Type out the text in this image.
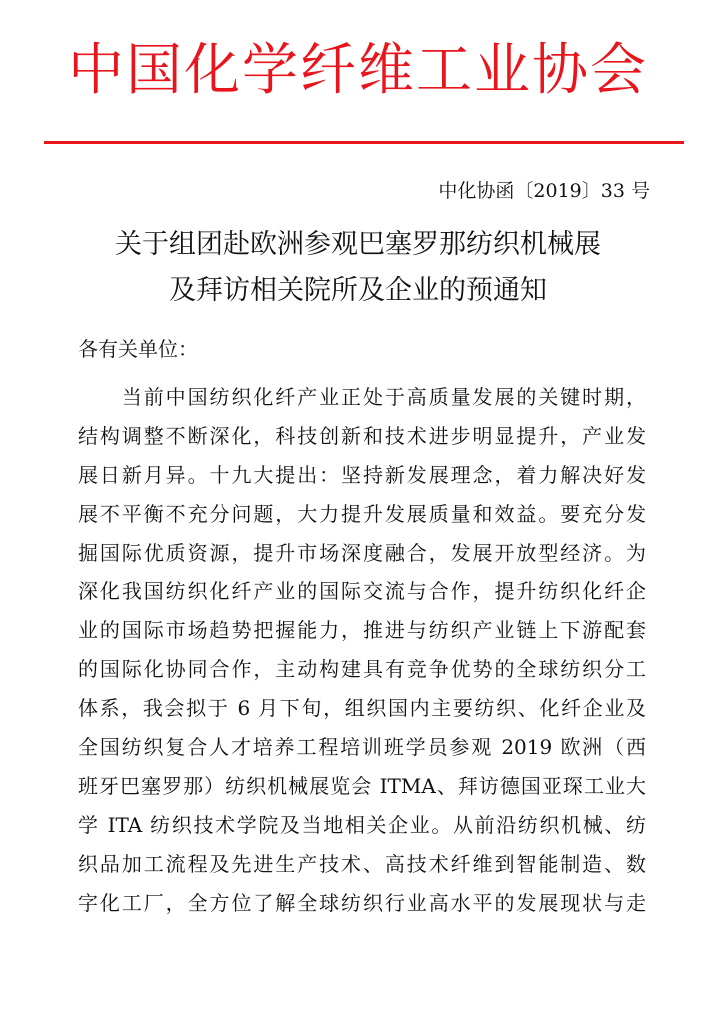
中国化学纤维工业协会
中化协函〔2019〕33 号
关于组团赴欧洲参观巴塞罗那纺织机械展
及拜访相关院所及企业的预通知
各有关单位：
　　当前中国纺织化纤产业正处于高质量发展的关键时期，
结构调整不断深化，科技创新和技术进步明显提升，产业发
展日新月异。十九大提出：坚持新发展理念，着力解决好发
展不平衡不充分问题，大力提升发展质量和效益。要充分发
掘国际优质资源，提升市场深度融合，发展开放型经济。为
深化我国纺织化纤产业的国际交流与合作，提升纺织化纤企
业的国际市场趋势把握能力，推进与纺织产业链上下游配套
的国际化协同合作，主动构建具有竞争优势的全球纺织分工
体系，我会拟于 6 月下旬，组织国内主要纺织、化纤企业及
全国纺织复合人才培养工程培训班学员参观 2019 欧洲（西
班牙巴塞罗那）纺织机械展览会 ITMA、拜访德国亚琛工业大
学 ITA 纺织技术学院及当地相关企业。从前沿纺织机械、纺
织品加工流程及先进生产技术、高技术纤维到智能制造、数
字化工厂，全方位了解全球纺织行业高水平的发展现状与走
